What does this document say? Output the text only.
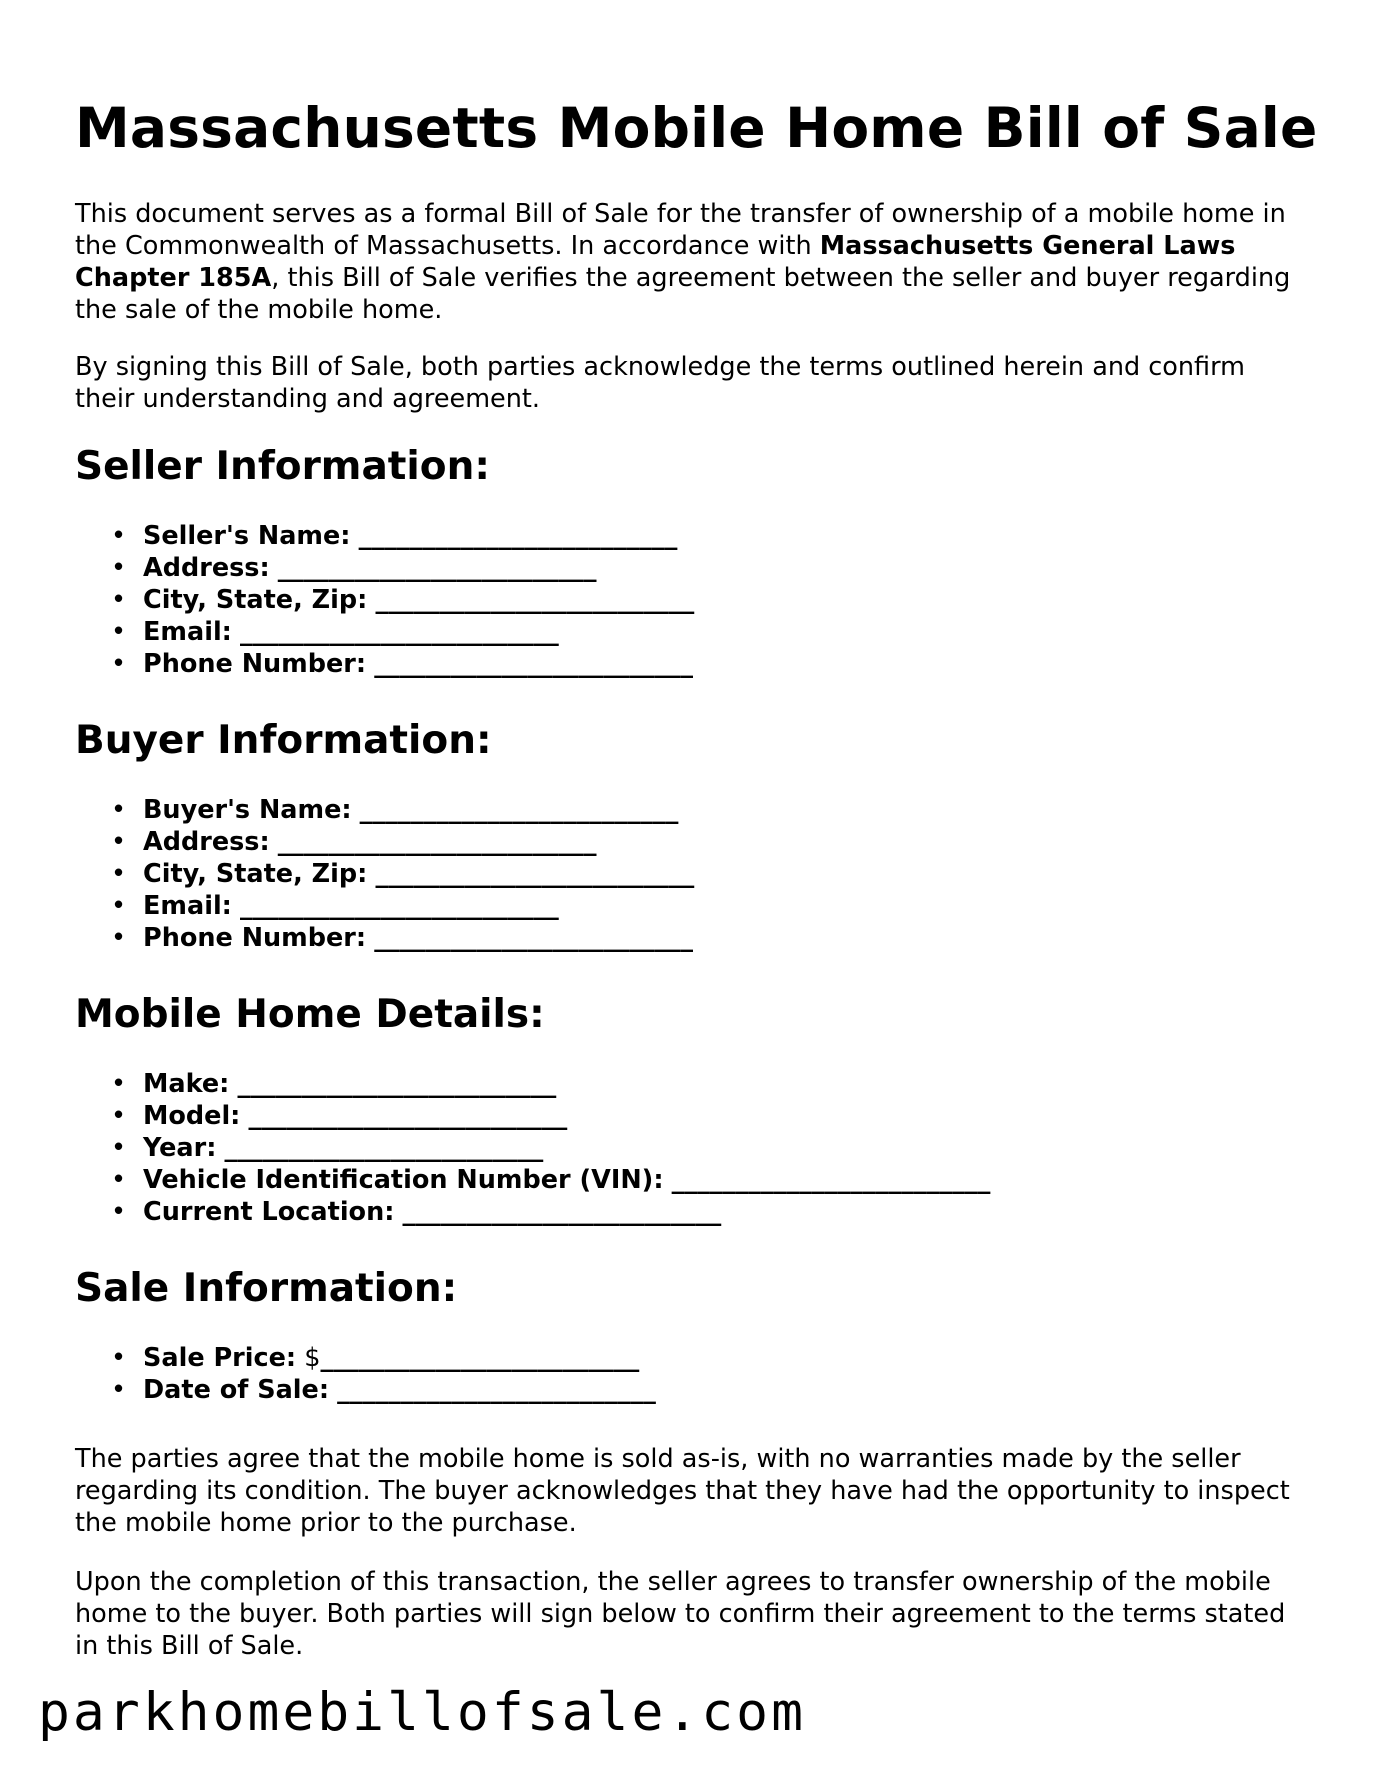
Massachusetts Mobile Home Bill of Sale

This document serves as a formal Bill of Sale for the transfer of ownership of a mobile home in the Commonwealth of Massachusetts. In accordance with Massachusetts General Laws Chapter 185A, this Bill of Sale verifies the agreement between the seller and buyer regarding the sale of the mobile home.

By signing this Bill of Sale, both parties acknowledge the terms outlined herein and confirm their understanding and agreement.

Seller Information:
• Seller's Name: _________________________
• Address: _________________________
• City, State, Zip: _________________________
• Email: _________________________
• Phone Number: _________________________
Buyer Information:
• Buyer's Name: _________________________
• Address: _________________________
• City, State, Zip: _________________________
• Email: _________________________
• Phone Number: _________________________
Mobile Home Details:
• Make: _________________________
• Model: _________________________
• Year: _________________________
• Vehicle Identification Number (VIN): _________________________
• Current Location: _________________________
Sale Information:
• Sale Price: $_________________________
• Date of Sale: _________________________

The parties agree that the mobile home is sold as-is, with no warranties made by the seller regarding its condition. The buyer acknowledges that they have had the opportunity to inspect the mobile home prior to the purchase.

Upon the completion of this transaction, the seller agrees to transfer ownership of the mobile home to the buyer. Both parties will sign below to confirm their agreement to the terms stated in this Bill of Sale.

parkhomebillofsale.com
